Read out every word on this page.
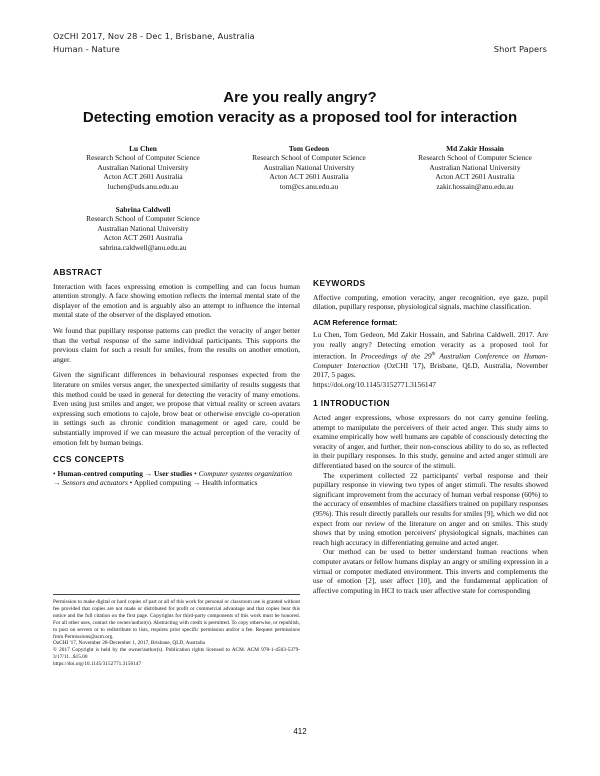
OzCHI 2017, Nov 28 - Dec 1, Brisbane, Australia
Human - Nature	Short Papers
Are you really angry?
Detecting emotion veracity as a proposed tool for interaction
Lu Chen
Research School of Computer Science
Australian National University
Acton ACT 2601 Australia
luchen@uds.anu.edu.au
Tom Gedeon
Research School of Computer Science
Australian National University
Acton ACT 2601 Australia
tom@cs.anu.edu.au
Md Zakir Hossain
Research School of Computer Science
Australian National University
Acton ACT 2601 Australia
zakir.hossain@anu.edu.au
Sabrina Caldwell
Research School of Computer Science
Australian National University
Acton ACT 2601 Australia
sabrina.caldwell@anu.edu.au
ABSTRACT

Interaction with faces expressing emotion is compelling and can focus human attention strongly. A face showing emotion reflects the internal mental state of the displayer of the emotion and is arguably also an attempt to influence the internal mental state of the observer of the displayed emotion.

We found that pupillary response patterns can predict the veracity of anger better than the verbal response of the same individual participants. This supports the previous claim for such a result for smiles, from the results on another emotion, anger.

Given the significant differences in behavioural responses expected from the literature on smiles versus anger, the unexpected similarity of results suggests that this method could be used in general for detecting the veracity of many emotions. Even using just smiles and anger, we propose that virtual reality or screen avatars expressing such emotions to cajole, brow beat or otherwise envcigle co-operation in settings such as chronic condition management or aged care, could be substantially improved if we can measure the actual perception of the veracity of emotion felt by human beings.

CCS CONCEPTS

• Human-centred computing → User studies • Computer systems organization → Sensors and actuators • Applied computing → Health informatics

Permission to make digital or hard copies of part or all of this work for personal or classroom use is granted without fee provided that copies are not made or distributed for profit or commercial advantage and that copies bear this notice and the full citation on the first page. Copyrights for third-party components of this work must be honored. For all other uses, contact the owner/author(s). Abstracting with credit is permitted. To copy otherwise, or republish, to post on servers or to redistribute to lists, requires prior specific permission and/or a fee. Request permissions from Permissions@acm.org.
OzCHI '17, November 28-December 1, 2017, Brisbane, QLD, Australia
© 2017 Copyright is held by the owner/author(s). Publication rights licensed to ACM. ACM 978-1-4503-5379-3/17/11...$15.00
https://doi.org/10.1145/3152771.3156147
KEYWORDS

Affective computing, emotion veracity, anger recognition, eye gaze, pupil dilation, pupillary response, physiological signals, machine classification.

ACM Reference format:

Lu Chen, Tom Gedeon, Md Zakir Hossain, and Sabrina Caldwell. 2017. Are you really angry? Detecting emotion veracity as a proposed tool for interaction. In Proceedings of the 29th Australian Conference on Human-Computer Interaction (OzCHI '17), Brisbane, QLD, Australia, November 2017, 5 pages.
https://doi.org/10.1145/3152771.3156147

1 INTRODUCTION

Acted anger expressions, whose expressors do not carry genuine feeling, attempt to manipulate the perceivers of their acted anger. This study aims to examine empirically how well humans are capable of consciously detecting the veracity of anger, and further, their non-conscious ability to do so, as reflected in their pupillary responses. In this study, genuine and acted anger stimuli are differentiated based on the source of the stimuli.

The experiment collected 22 participants' verbal response and their pupillary response in viewing two types of anger stimuli. The results showed significant improvement from the accuracy of human verbal response (60%) to the accuracy of ensembles of machine classifiers trained on pupillary responses (95%). This result directly parallels our results for smiles [9], which we did not expect from our review of the literature on anger and on smiles. This study shows that by using emotion perceivers' physiological signals, machines can reach high accuracy in differentiating genuine and acted anger.

Our method can be used to better understand human reactions when computer avatars or fellow humans display an angry or smiling expression in a virtual or computer mediated environment. This inverts and complements the use of emotion [2], user affect [10], and the fundamental application of affective computing in HCI to track user affective state for corresponding

412
